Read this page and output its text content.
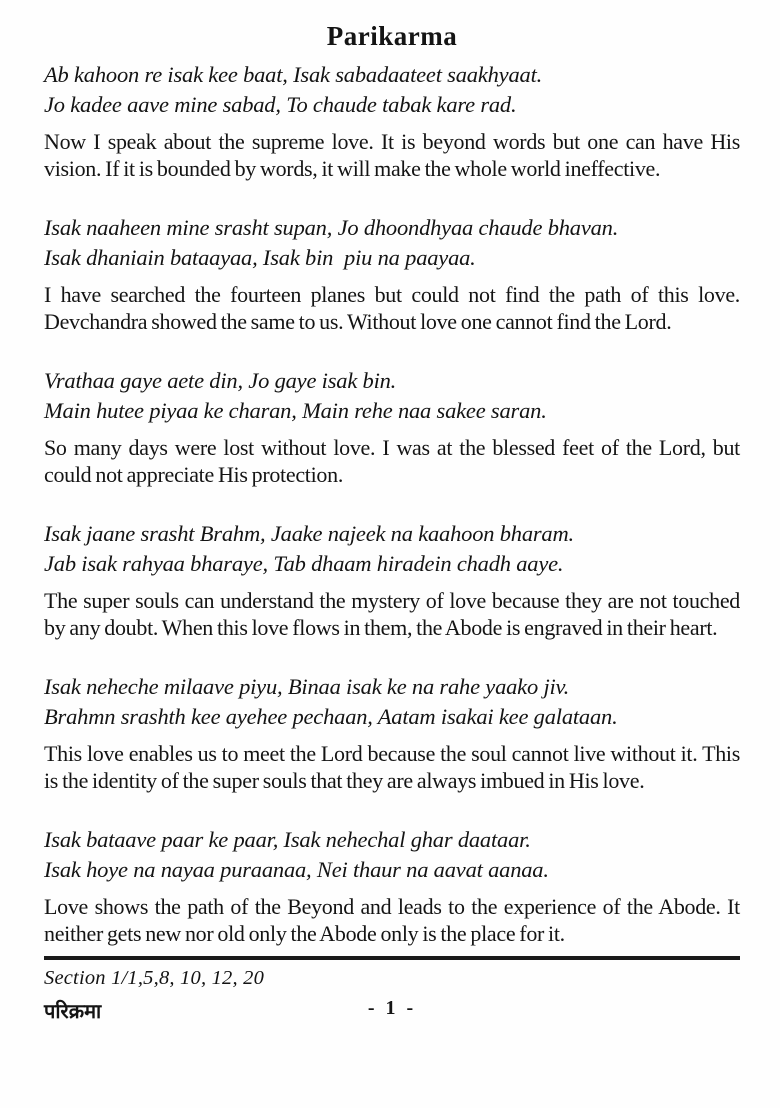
Parikarma

Ab kahoon re isak kee baat, Isak sabadaateet saakhyaat.
Jo kadee aave mine sabad, To chaude tabak kare rad.

Now I speak about the supreme love. It is beyond words but one can have His vision. If it is bounded by words, it will make the whole world ineffective.

Isak naaheen mine srasht supan, Jo dhoondhyaa chaude bhavan.
Isak dhaniain bataayaa, Isak bin  piu na paayaa.

I have searched the fourteen planes but could not find the path of this love. Devchandra showed the same to us. Without love one cannot find the Lord.

Vrathaa gaye aete din, Jo gaye isak bin.
Main hutee piyaa ke charan, Main rehe naa sakee saran.

So many days were lost without love. I was at the blessed feet of the Lord, but could not appreciate His protection.

Isak jaane srasht Brahm, Jaake najeek na kaahoon bharam.
Jab isak rahyaa bharaye, Tab dhaam hiradein chadh aaye.

The super souls can understand the mystery of love because they are not touched by any doubt. When this love flows in them, the Abode is engraved in their heart.

Isak neheche milaave piyu, Binaa isak ke na rahe yaako jiv.
Brahmn srashth kee ayehee pechaan, Aatam isakai kee galataan.

This love enables us to meet the Lord because the soul cannot live without it. This is the identity of the super souls that they are always imbued in His love.

Isak bataave paar ke paar, Isak nehechal ghar daataar.
Isak hoye na nayaa puraanaa, Nei thaur na aavat aanaa.

Love shows the path of the Beyond and leads to the experience of the Abode. It neither gets new nor old only the Abode only is the place for it.

Section 1/1,5,8, 10, 12, 20

परिक्रमा	- 1 -
